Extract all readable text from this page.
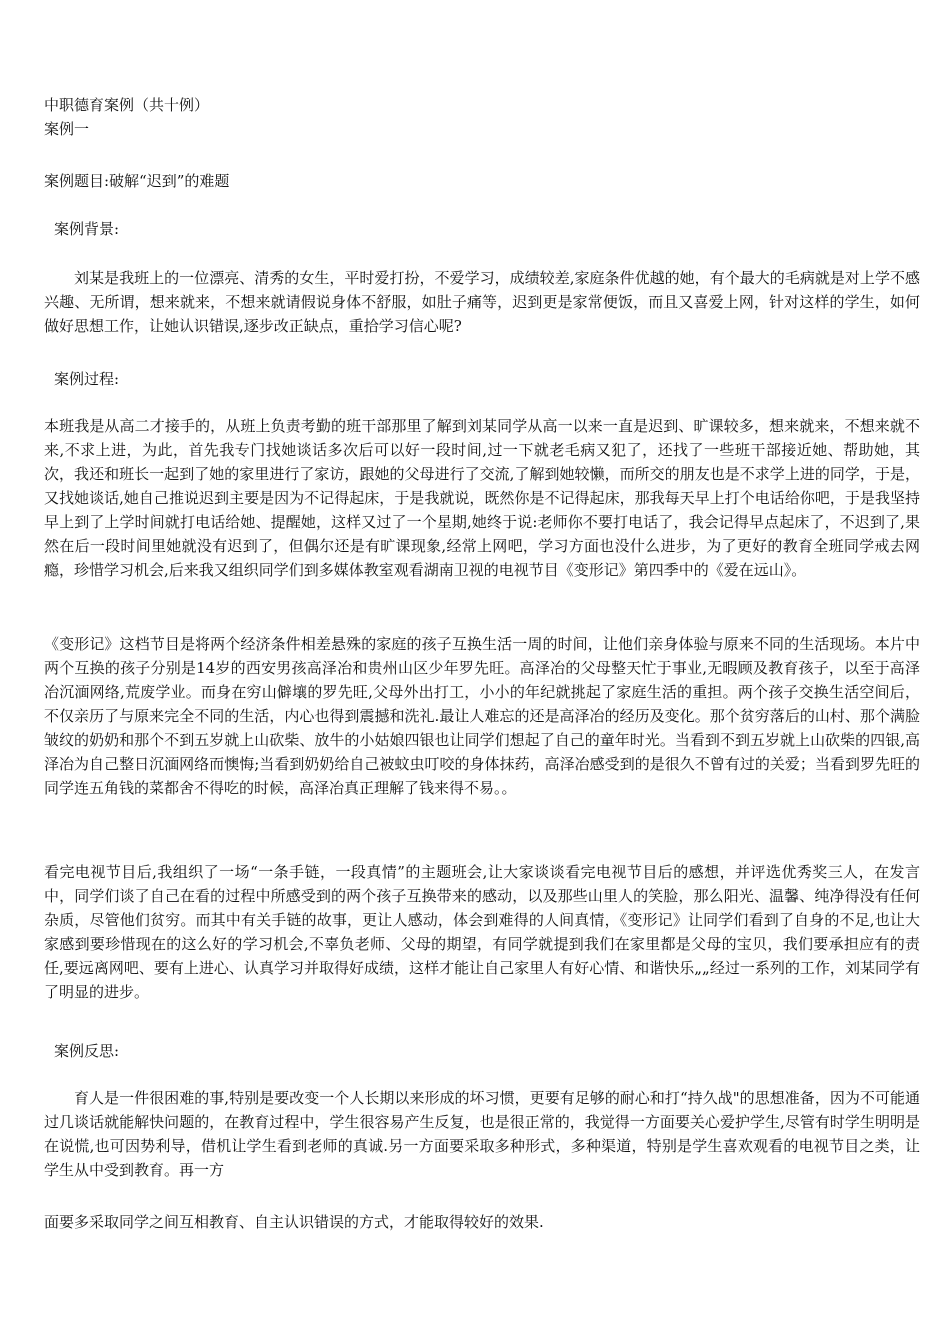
中职德育案例（共十例）
案例一
案例题目:破解“迟到”的难题
案例背景:
刘某是我班上的一位漂亮、清秀的女生，平时爱打扮，不爱学习，成绩较差,家庭条件优越的她，有个最大的毛病就是对上学不感兴趣、无所谓，想来就来，不想来就请假说身体不舒服，如肚子痛等，迟到更是家常便饭，而且又喜爱上网，针对这样的学生，如何做好思想工作，让她认识错误,逐步改正缺点，重拾学习信心呢?
案例过程:
本班我是从高二才接手的，从班上负责考勤的班干部那里了解到刘某同学从高一以来一直是迟到、旷课较多，想来就来，不想来就不来,不求上进，为此，首先我专门找她谈话多次后可以好一段时间,过一下就老毛病又犯了，还找了一些班干部接近她、帮助她，其次，我还和班长一起到了她的家里进行了家访，跟她的父母进行了交流,了解到她较懒，而所交的朋友也是不求学上进的同学，于是，又找她谈话,她自己推说迟到主要是因为不记得起床，于是我就说，既然你是不记得起床，那我每天早上打个电话给你吧，于是我坚持早上到了上学时间就打电话给她、提醒她，这样又过了一个星期,她终于说:老师你不要打电话了，我会记得早点起床了，不迟到了,果然在后一段时间里她就没有迟到了，但偶尔还是有旷课现象,经常上网吧，学习方面也没什么进步，为了更好的教育全班同学戒去网瘾，珍惜学习机会,后来我又组织同学们到多媒体教室观看湖南卫视的电视节目《变形记》第四季中的《爱在远山》。
《变形记》这档节目是将两个经济条件相差悬殊的家庭的孩子互换生活一周的时间，让他们亲身体验与原来不同的生活现场。本片中两个互换的孩子分别是14岁的西安男孩高泽冶和贵州山区少年罗先旺。高泽冶的父母整天忙于事业,无暇顾及教育孩子，以至于高泽冶沉湎网络,荒废学业。而身在穷山僻壤的罗先旺,父母外出打工，小小的年纪就挑起了家庭生活的重担。两个孩子交换生活空间后，不仅亲历了与原来完全不同的生活，内心也得到震撼和洗礼.最让人难忘的还是高泽冶的经历及变化。那个贫穷落后的山村、那个满脸皱纹的奶奶和那个不到五岁就上山砍柴、放牛的小姑娘四银也让同学们想起了自己的童年时光。当看到不到五岁就上山砍柴的四银,高泽冶为自己整日沉湎网络而懊悔;当看到奶奶给自己被蚊虫叮咬的身体抹药，高泽冶感受到的是很久不曾有过的关爱；当看到罗先旺的同学连五角钱的菜都舍不得吃的时候，高泽冶真正理解了钱来得不易。。
看完电视节目后,我组织了一场“一条手链，一段真情”的主题班会,让大家谈谈看完电视节目后的感想，并评选优秀奖三人，在发言中，同学们谈了自己在看的过程中所感受到的两个孩子互换带来的感动，以及那些山里人的笑脸，那么阳光、温馨、纯净得没有任何杂质，尽管他们贫穷。而其中有关手链的故事，更让人感动，体会到难得的人间真情，《变形记》让同学们看到了自身的不足,也让大家感到要珍惜现在的这么好的学习机会,不辜负老师、父母的期望，有同学就提到我们在家里都是父母的宝贝，我们要承担应有的责任,要远离网吧、要有上进心、认真学习并取得好成绩，这样才能让自己家里人有好心情、和谐快乐„„经过一系列的工作，刘某同学有了明显的进步。
案例反思:
育人是一件很困难的事,特别是要改变一个人长期以来形成的坏习惯，更要有足够的耐心和打“持久战"的思想准备，因为不可能通过几谈话就能解快问题的，在教育过程中，学生很容易产生反复，也是很正常的，我觉得一方面要关心爱护学生,尽管有时学生明明是在说慌,也可因势利导，借机让学生看到老师的真诚.另一方面要采取多种形式，多种渠道，特别是学生喜欢观看的电视节目之类，让学生从中受到教育。再一方
面要多采取同学之间互相教育、自主认识错误的方式，才能取得较好的效果.
